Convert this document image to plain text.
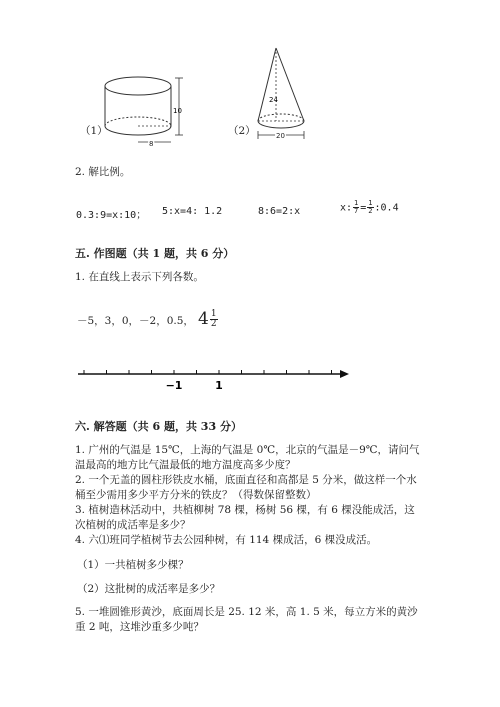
（1）
10
8
（2）
24
20
2. 解比例。
0.3:9=x:10； 5:x=4: 1.2	8:6=2:x	x: $\frac{1}{7} = \frac{1}{2}$ :0.4
五. 作图题（共 1 题，共 6 分）
1. 在直线上表示下列各数。
－5，3，0，－2，0.5， $4 \frac{1}{2}$
−1	1
六. 解答题（共 6 题，共 33 分）
1. 广州的气温是 15℃，上海的气温是 0℃，北京的气温是－9℃，请问气温最高的地方比气温最低的地方温度高多少度？
2. 一个无盖的圆柱形铁皮水桶，底面直径和高都是 5 分米，做这样一个水桶至少需用多少平方分米的铁皮？（得数保留整数）
3. 植树造林活动中，共植柳树 78 棵，杨树 56 棵，有 6 棵没能成活，这次植树的成活率是多少？
4. 六⑴班同学植树节去公园种树，有 114 棵成活，6 棵没成活。
（1）一共植树多少棵？
（2）这批树的成活率是多少？
5. 一堆圆锥形黄沙，底面周长是 25. 12 米，高 1. 5 米，每立方米的黄沙重 2 吨，这堆沙重多少吨？
